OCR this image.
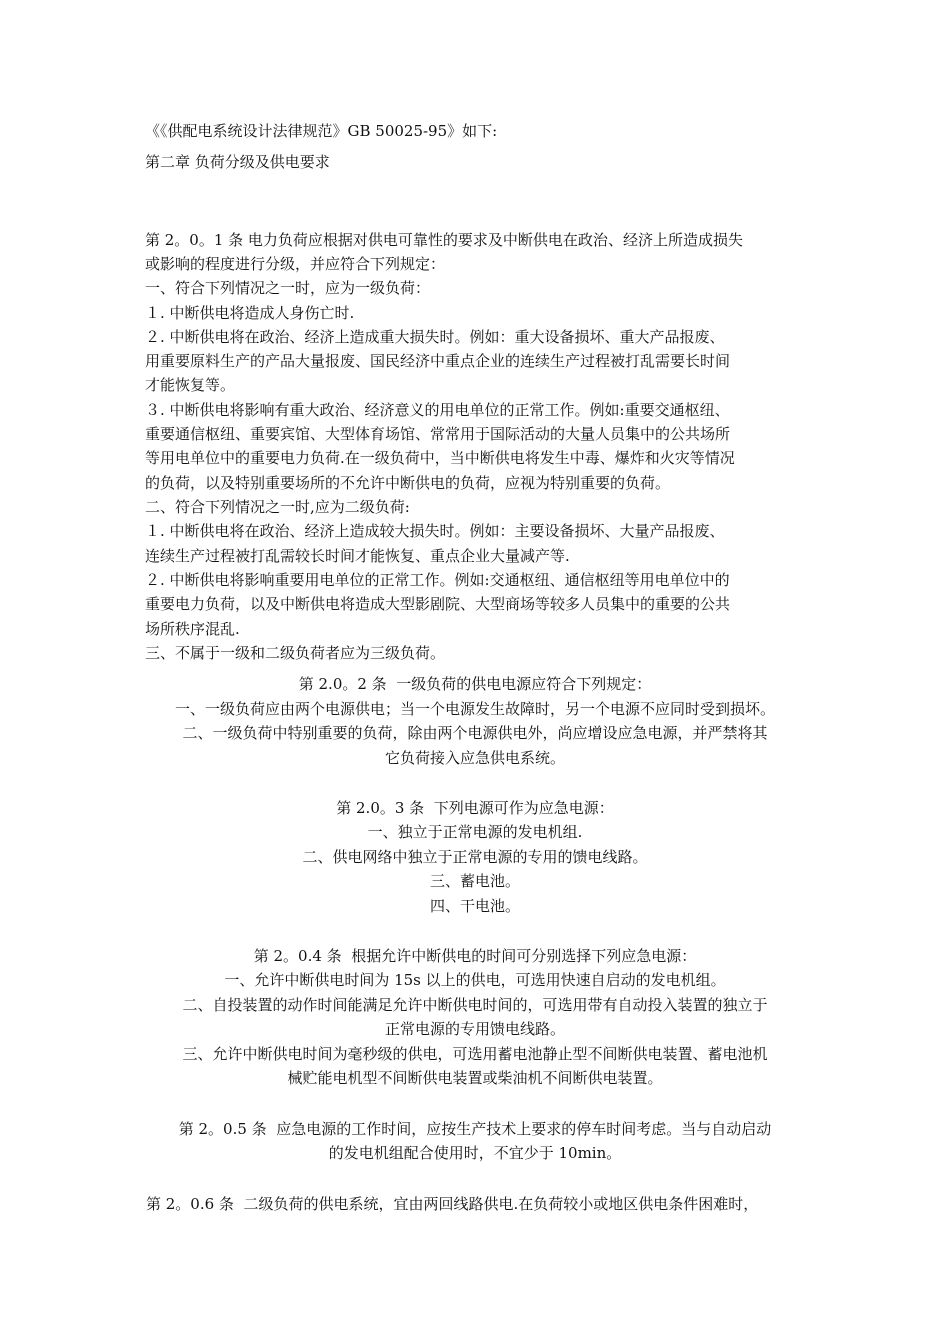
《《供配电系统设计法律规范》GB 50025-95》如下:
第二章 负荷分级及供电要求
第 2。0。1 条 电力负荷应根据对供电可靠性的要求及中断供电在政治、经济上所造成损失
或影响的程度进行分级，并应符合下列规定：
一、符合下列情况之一时，应为一级负荷：
１. 中断供电将造成人身伤亡时.
２. 中断供电将在政治、经济上造成重大损失时。例如：重大设备损坏、重大产品报废、
用重要原料生产的产品大量报废、国民经济中重点企业的连续生产过程被打乱需要长时间
才能恢复等。
３. 中断供电将影响有重大政治、经济意义的用电单位的正常工作。例如:重要交通枢纽、
重要通信枢纽、重要宾馆、大型体育场馆、常常用于国际活动的大量人员集中的公共场所
等用电单位中的重要电力负荷.在一级负荷中，当中断供电将发生中毒、爆炸和火灾等情况
的负荷，以及特别重要场所的不允许中断供电的负荷，应视为特别重要的负荷。
二、符合下列情况之一时,应为二级负荷:
１. 中断供电将在政治、经济上造成较大损失时。例如：主要设备损坏、大量产品报废、
连续生产过程被打乱需较长时间才能恢复、重点企业大量减产等.
２. 中断供电将影响重要用电单位的正常工作。例如:交通枢纽、通信枢纽等用电单位中的
重要电力负荷，以及中断供电将造成大型影剧院、大型商场等较多人员集中的重要的公共
场所秩序混乱.
三、不属于一级和二级负荷者应为三级负荷。
第 2.0。2 条  一级负荷的供电电源应符合下列规定：
一、一级负荷应由两个电源供电；当一个电源发生故障时，另一个电源不应同时受到损坏。
二、一级负荷中特别重要的负荷，除由两个电源供电外，尚应增设应急电源，并严禁将其
它负荷接入应急供电系统。
第 2.0。3 条  下列电源可作为应急电源：
一、独立于正常电源的发电机组.
二、供电网络中独立于正常电源的专用的馈电线路。
三、蓄电池。
四、干电池。
第 2。0.4 条  根据允许中断供电的时间可分别选择下列应急电源：
一、允许中断供电时间为 15s 以上的供电，可选用快速自启动的发电机组。
二、自投装置的动作时间能满足允许中断供电时间的，可选用带有自动投入装置的独立于
正常电源的专用馈电线路。
三、允许中断供电时间为毫秒级的供电，可选用蓄电池静止型不间断供电装置、蓄电池机
械贮能电机型不间断供电装置或柴油机不间断供电装置。
第 2。0.5 条  应急电源的工作时间，应按生产技术上要求的停车时间考虑。当与自动启动
的发电机组配合使用时，不宜少于 10min。
第 2。0.6 条  二级负荷的供电系统，宜由两回线路供电.在负荷较小或地区供电条件困难时，
